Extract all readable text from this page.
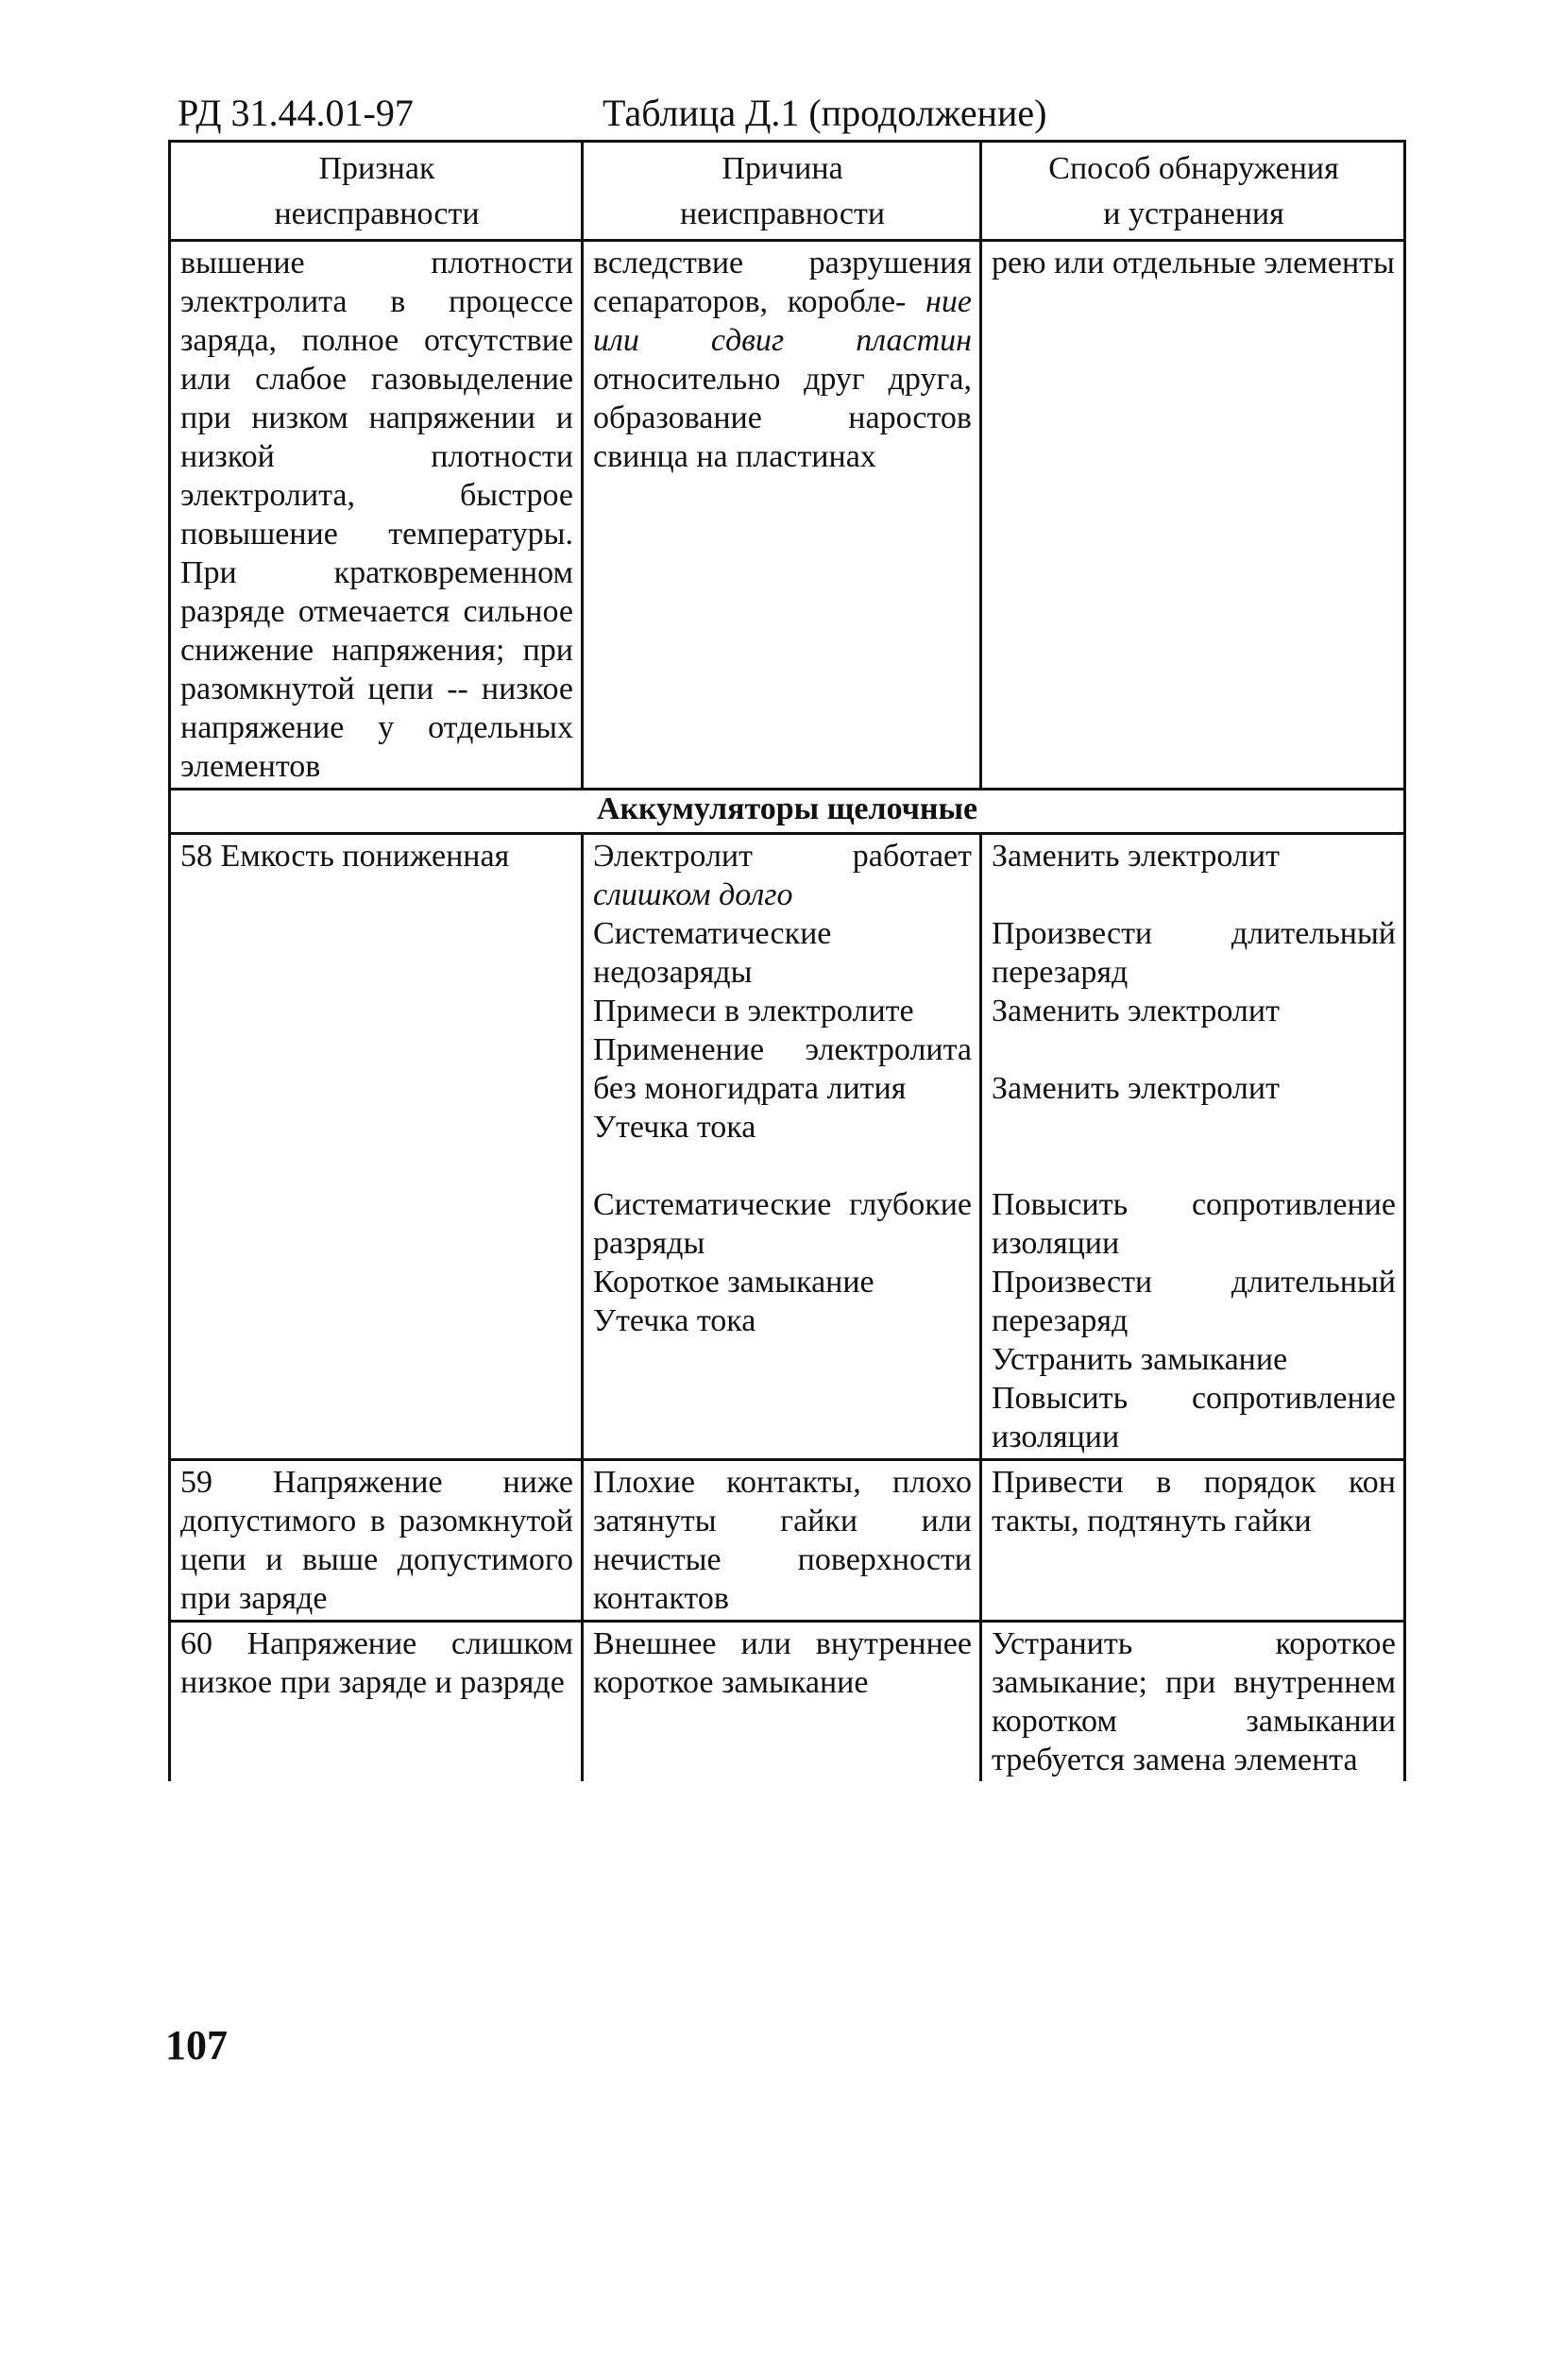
РД 31.44.01-97	Таблица Д.1 (продолжение)
Признак
неисправности
Причина
неисправности
Способ обнаружения
и устранения
вышение плотности электролита в процессе заряда, полное отсутствие или слабое газовыделение при низком напряжении и низкой плотности электролита, быстрое повышение температуры. При кратковременном разряде отмечается сильное снижение напряжения; при разомкнутой цепи -- низкое напряжение у отдельных элементов
вследствие разрушения сепараторов, коробле- ние или сдвиг пластин относительно друг друга, образование наростов свинца на пластинах
рею или отдельные элементы
Аккумуляторы щелочные
58 Емкость пониженная	Электролит работает слишком долго
Систематические недозаряды
Примеси в электролите
Применение электролита без моногидрата лития
Утечка тока
Систематические глубокие разряды
Короткое замыкание
Утечка тока
Заменить электролит
Произвести длительный перезаряд
Заменить электролит
Заменить электролит
Повысить сопротивление изоляции
Произвести длительный перезаряд
Устранить замыкание
Повысить сопротивление изоляции
59 Напряжение ниже допустимого в разомкнутой цепи и выше допустимого при заряде
Плохие контакты, плохо затянуты гайки или нечистые поверхности контактов
Привести в порядок кон такты, подтянуть гайки
60 Напряжение слишком низкое при заряде и разряде
Внешнее или внутреннее короткое замыкание
Устранить короткое замыкание; при внутреннем коротком замыкании требуется замена элемента
107
